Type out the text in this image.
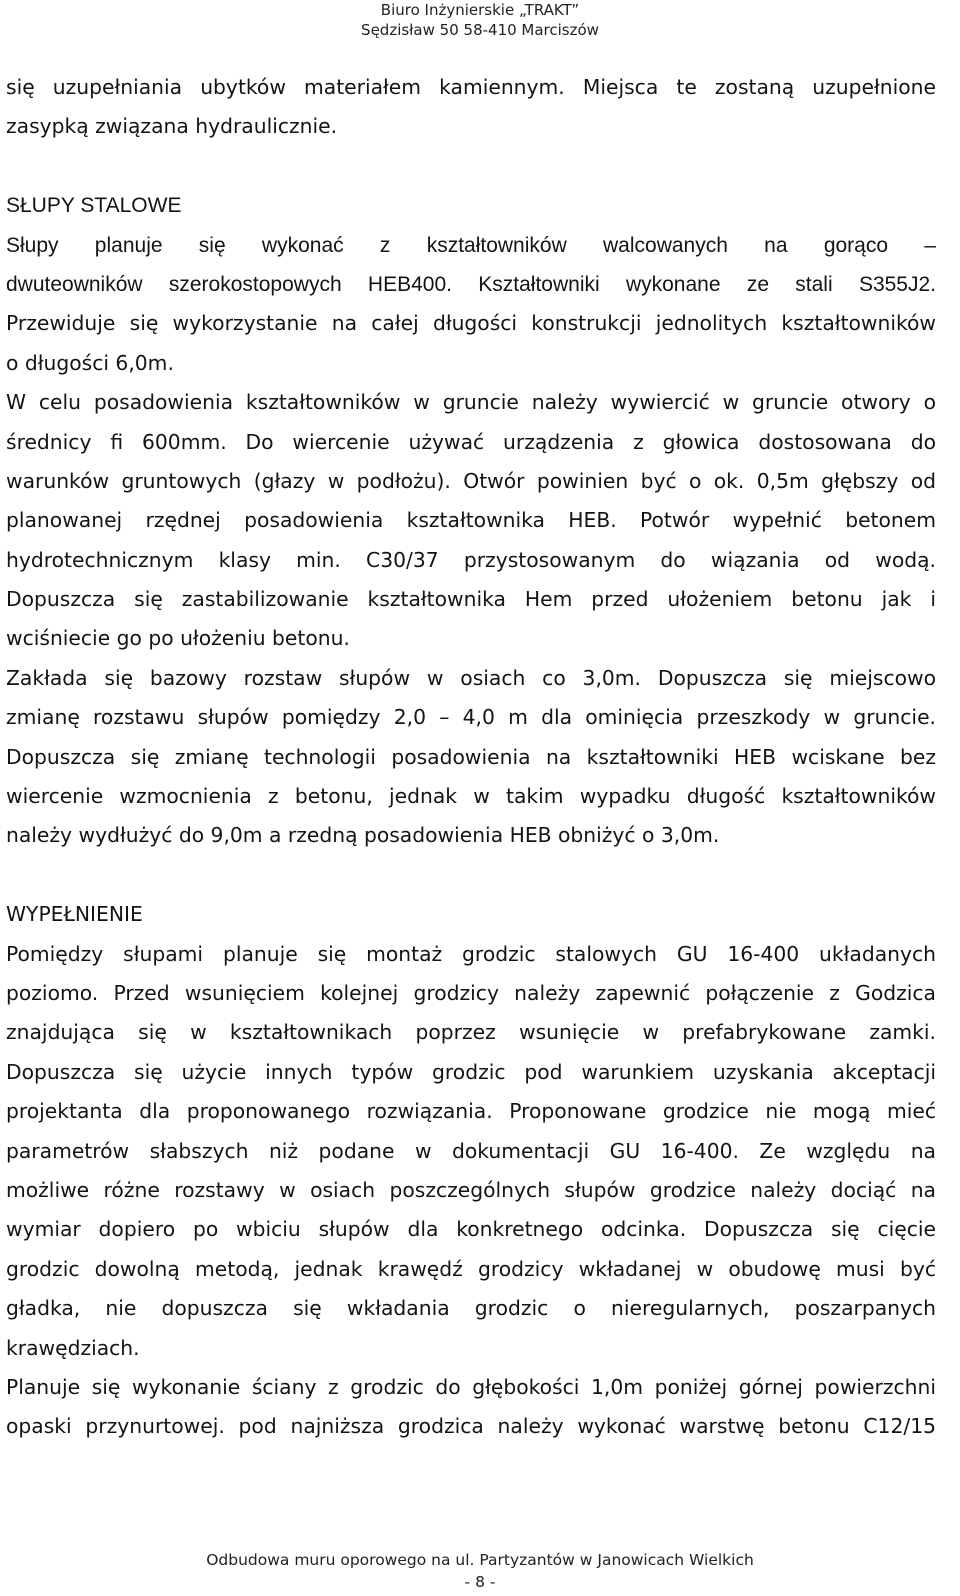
Biuro Inżynierskie „TRAKT”
Sędzisław 50 58-410 Marciszów
się uzupełniania ubytków materiałem kamiennym. Miejsca te zostaną uzupełnione
zasypką związana hydraulicznie.
SŁUPY STALOWE
Słupy planuje się wykonać z kształtowników walcowanych na gorąco –
dwuteowników szerokostopowych HEB400. Kształtowniki wykonane ze stali S355J2.
Przewiduje się wykorzystanie na całej długości konstrukcji jednolitych kształtowników
o długości 6,0m.
W celu posadowienia kształtowników w gruncie należy wywiercić w gruncie otwory o
średnicy fi 600mm. Do wiercenie używać urządzenia z głowica dostosowana do
warunków gruntowych (głazy w podłożu). Otwór powinien być o ok. 0,5m głębszy od
planowanej rzędnej posadowienia kształtownika HEB. Potwór wypełnić betonem
hydrotechnicznym klasy min. C30/37 przystosowanym do wiązania od wodą.
Dopuszcza się zastabilizowanie kształtownika Hem przed ułożeniem betonu jak i
wciśniecie go po ułożeniu betonu.
Zakłada się bazowy rozstaw słupów w osiach co 3,0m. Dopuszcza się miejscowo
zmianę rozstawu słupów pomiędzy 2,0 – 4,0 m dla ominięcia przeszkody w gruncie.
Dopuszcza się zmianę technologii posadowienia na kształtowniki HEB wciskane bez
wiercenie wzmocnienia z betonu, jednak w takim wypadku długość kształtowników
należy wydłużyć do 9,0m a rzedną posadowienia HEB obniżyć o 3,0m.
WYPEŁNIENIE
Pomiędzy słupami planuje się montaż grodzic stalowych GU 16-400 układanych
poziomo. Przed wsunięciem kolejnej grodzicy należy zapewnić połączenie z Godzica
znajdująca się w kształtownikach poprzez wsunięcie w prefabrykowane zamki.
Dopuszcza się użycie innych typów grodzic pod warunkiem uzyskania akceptacji
projektanta dla proponowanego rozwiązania. Proponowane grodzice nie mogą mieć
parametrów słabszych niż podane w dokumentacji GU 16-400. Ze względu na
możliwe różne rozstawy w osiach poszczególnych słupów grodzice należy dociąć na
wymiar dopiero po wbiciu słupów dla konkretnego odcinka. Dopuszcza się cięcie
grodzic dowolną metodą, jednak krawędź grodzicy wkładanej w obudowę musi być
gładka, nie dopuszcza się wkładania grodzic o nieregularnych, poszarpanych
krawędziach.
Planuje się wykonanie ściany z grodzic do głębokości 1,0m poniżej górnej powierzchni
opaski przynurtowej. pod najniższa grodzica należy wykonać warstwę betonu C12/15
Odbudowa muru oporowego na ul. Partyzantów w Janowicach Wielkich
- 8 -
